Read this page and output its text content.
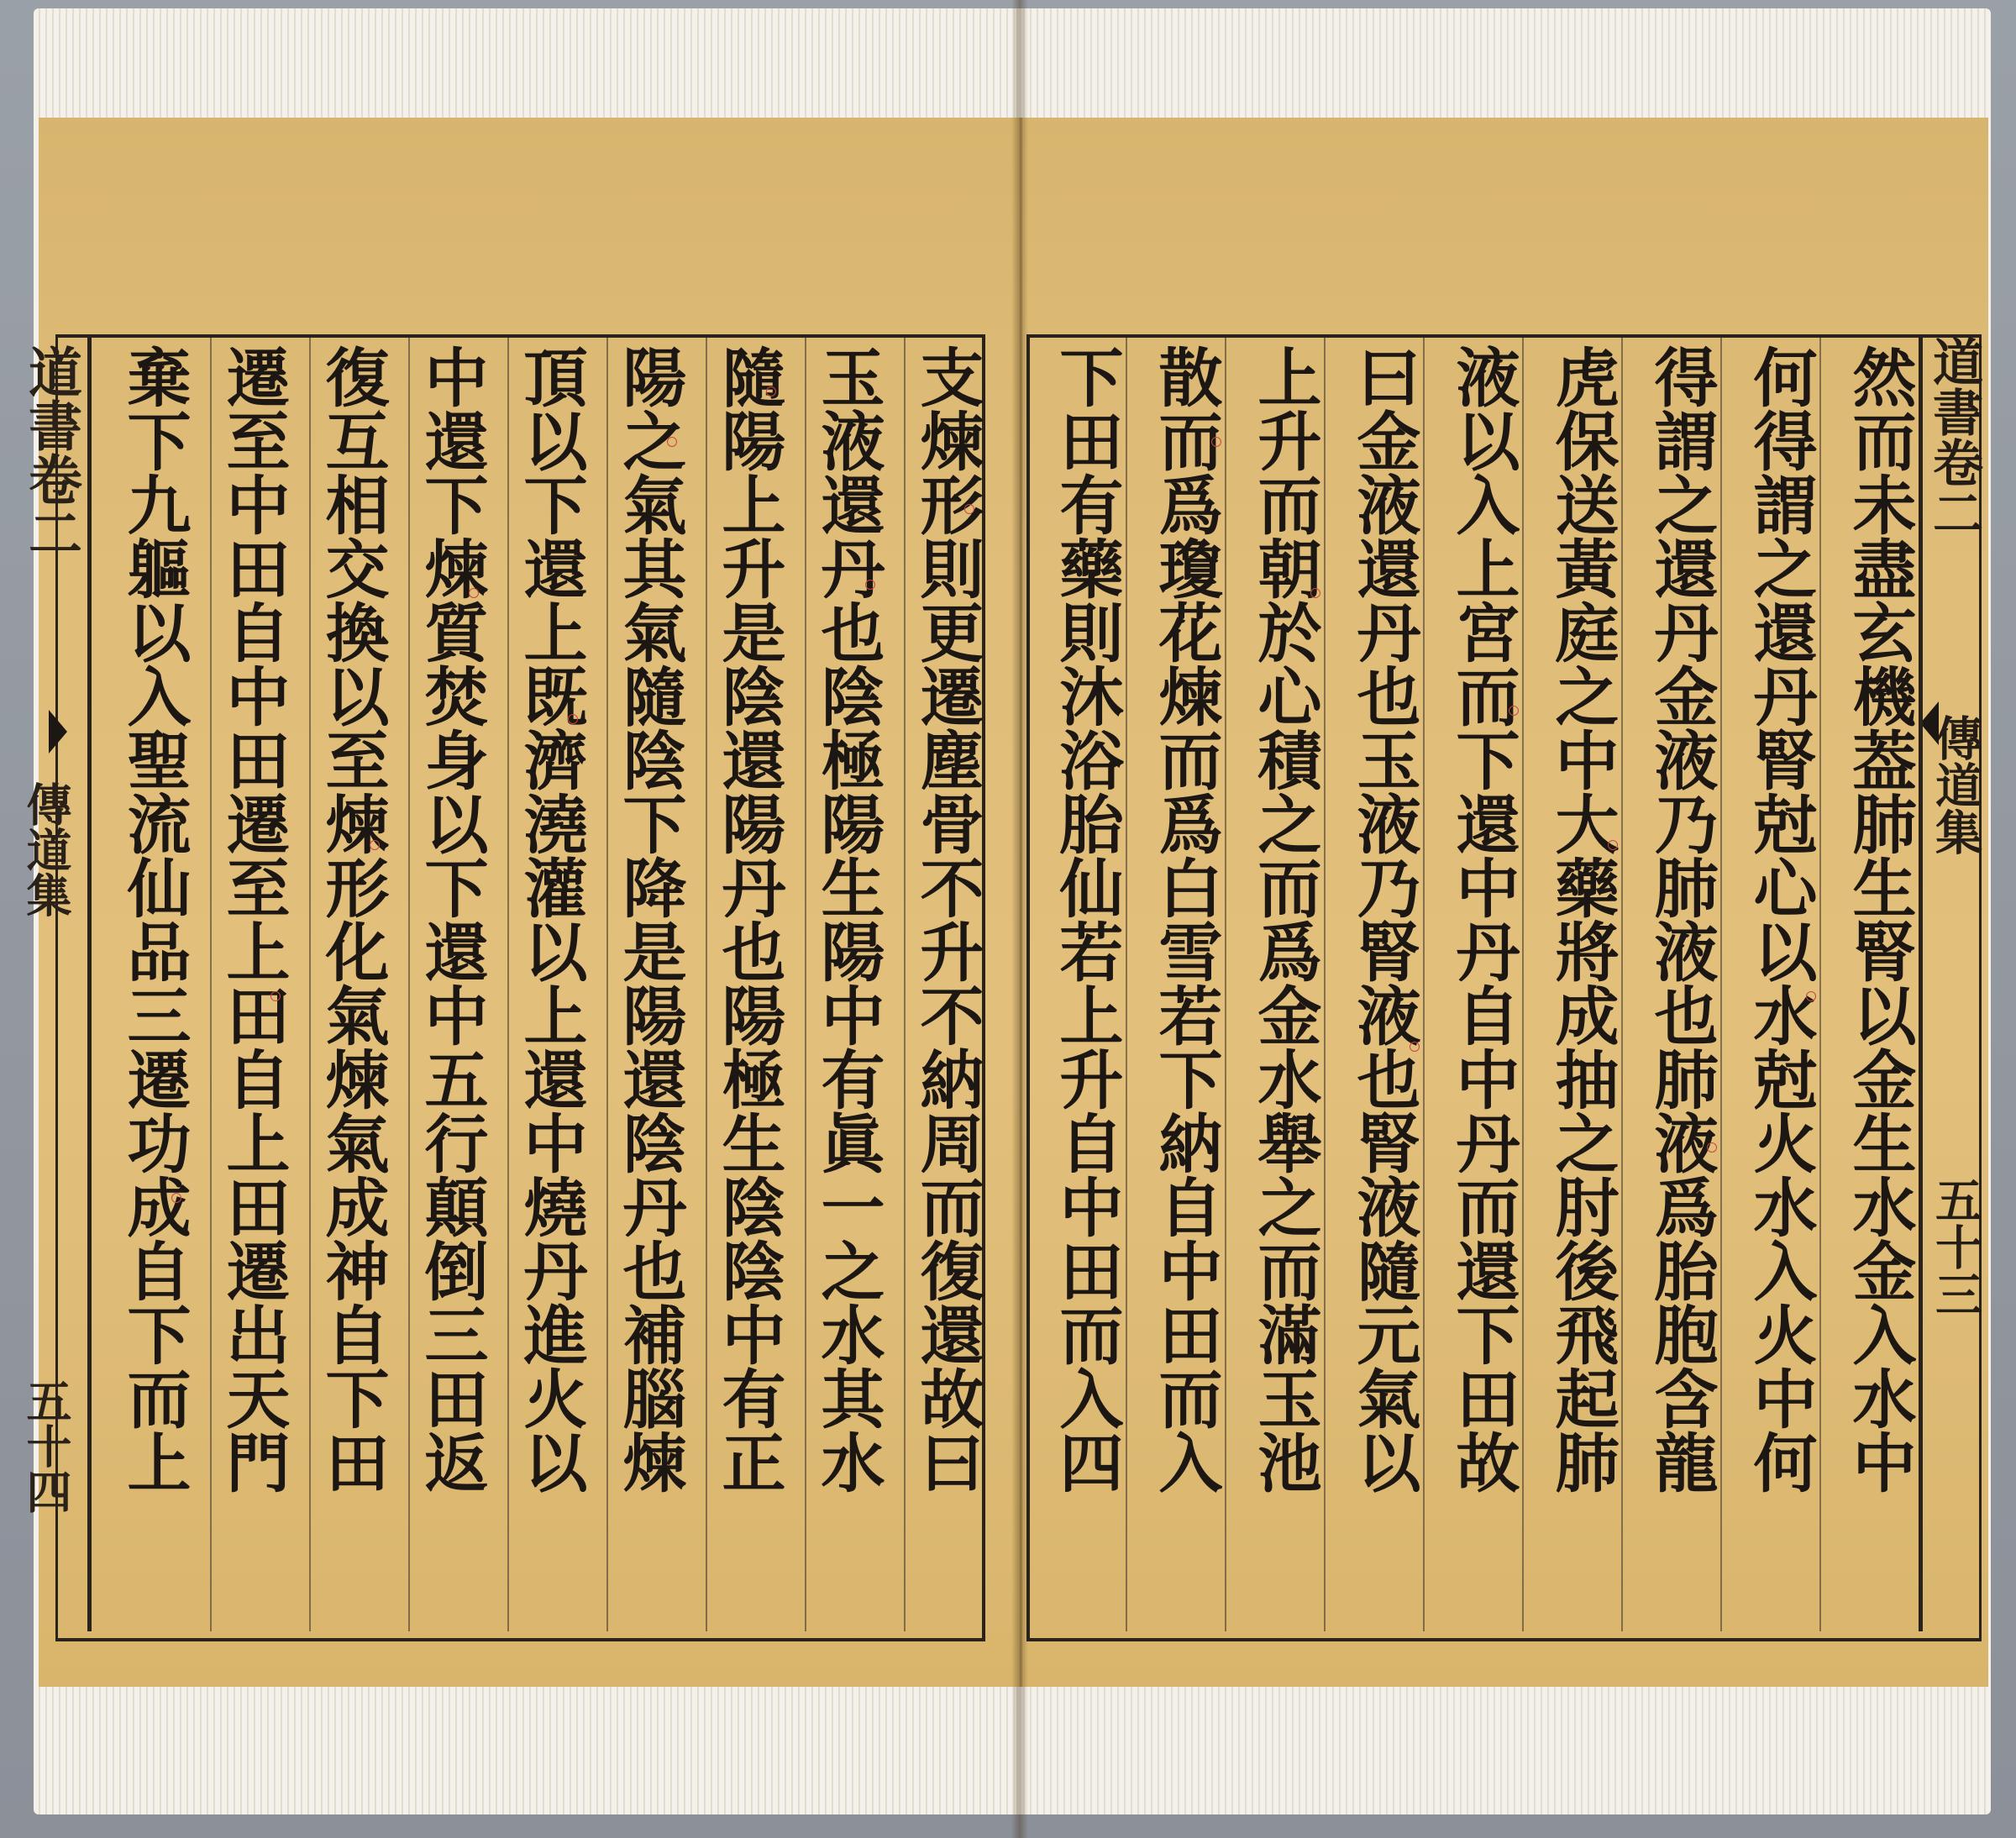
道書卷二
傳道集
五十四
道書卷二
傳道集
五十三
棄下九軀以入聖流仙品三遷功成自下而上 遷至中田自中田遷至上田自上田遷出天門 復互相交換以至煉形化氣煉氣成神自下田 中還下煉質焚身以下還中五行顛倒三田返 頂以下還上既濟澆灌以上還中燒丹進火以 陽之氣其氣隨陰下降是陽還陰丹也補腦煉 隨陽上升是陰還陽丹也陽極生陰陰中有正 玉液還丹也陰極陽生陽中有眞一之水其水 支煉形則更遷塵骨不升不納周而復還故曰	然而未盡玄機葢肺生腎以金生水金入水中
何得謂之還丹腎尅心以水尅火水入火中何
得謂之還丹金液乃肺液也肺液爲胎胞含龍
虎保送黃庭之中大藥將成抽之肘後飛起肺
液以入上宮而下還中丹自中丹而還下田故
曰金液還丹也玉液乃腎液也腎液隨元氣以
上升而朝於心積之而爲金水舉之而滿玉池
散而爲瓊花煉而爲白雪若下納自中田而入
下田有藥則沐浴胎仙若上升自中田而入四
